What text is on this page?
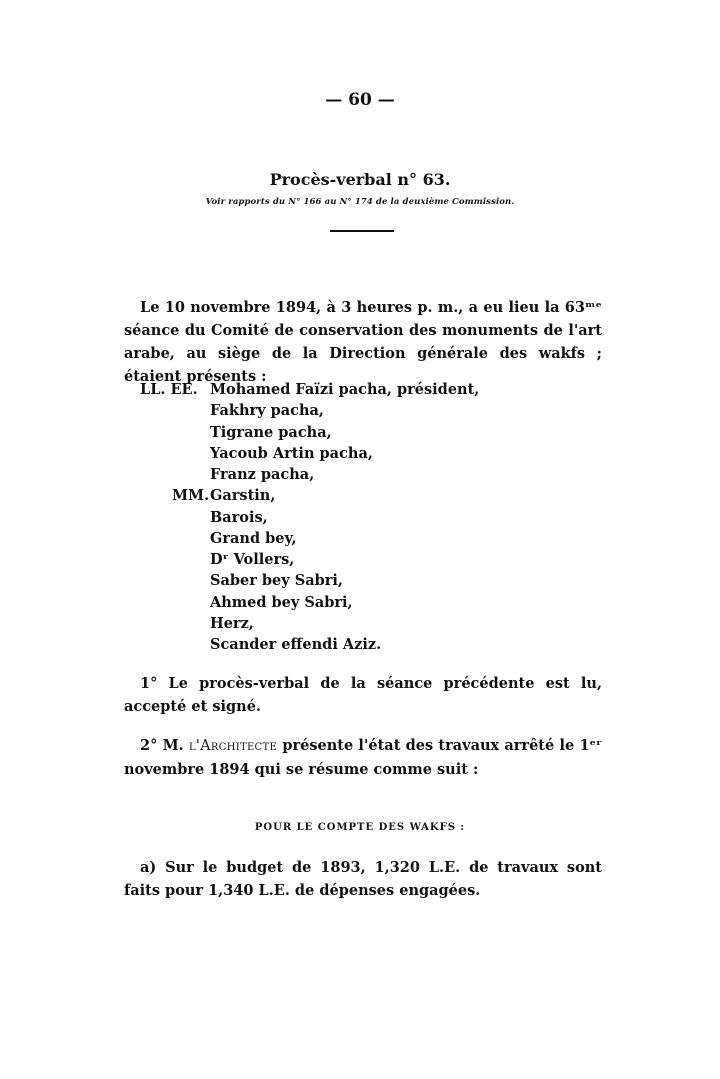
— 60 —
Procès-verbal n° 63.
Voir rapports du N° 166 au N° 174 de la deuxième Commission.
Le 10 novembre 1894, à 3 heures p. m., a eu lieu la 63ᵐᵉ séance du Comité de conservation des monuments de l'art arabe, au siège de la Direction générale des wakfs ; étaient présents :
LL. EE. Mohamed Faïzi pacha, président,
Fakhry pacha,
Tigrane pacha,
Yacoub Artin pacha,
Franz pacha,
MM. Garstin,
Barois,
Grand bey,
Dʳ Vollers,
Saber bey Sabri,
Ahmed bey Sabri,
Herz,
Scander effendi Aziz.
1° Le procès-verbal de la séance précédente est lu, accepté et signé.
2° M. l'Architecte présente l'état des travaux arrêté le 1ᵉʳ novembre 1894 qui se résume comme suit :
POUR LE COMPTE DES WAKFS :
a) Sur le budget de 1893, 1,320 L.E. de travaux sont faits pour 1,340 L.E. de dépenses engagées.
